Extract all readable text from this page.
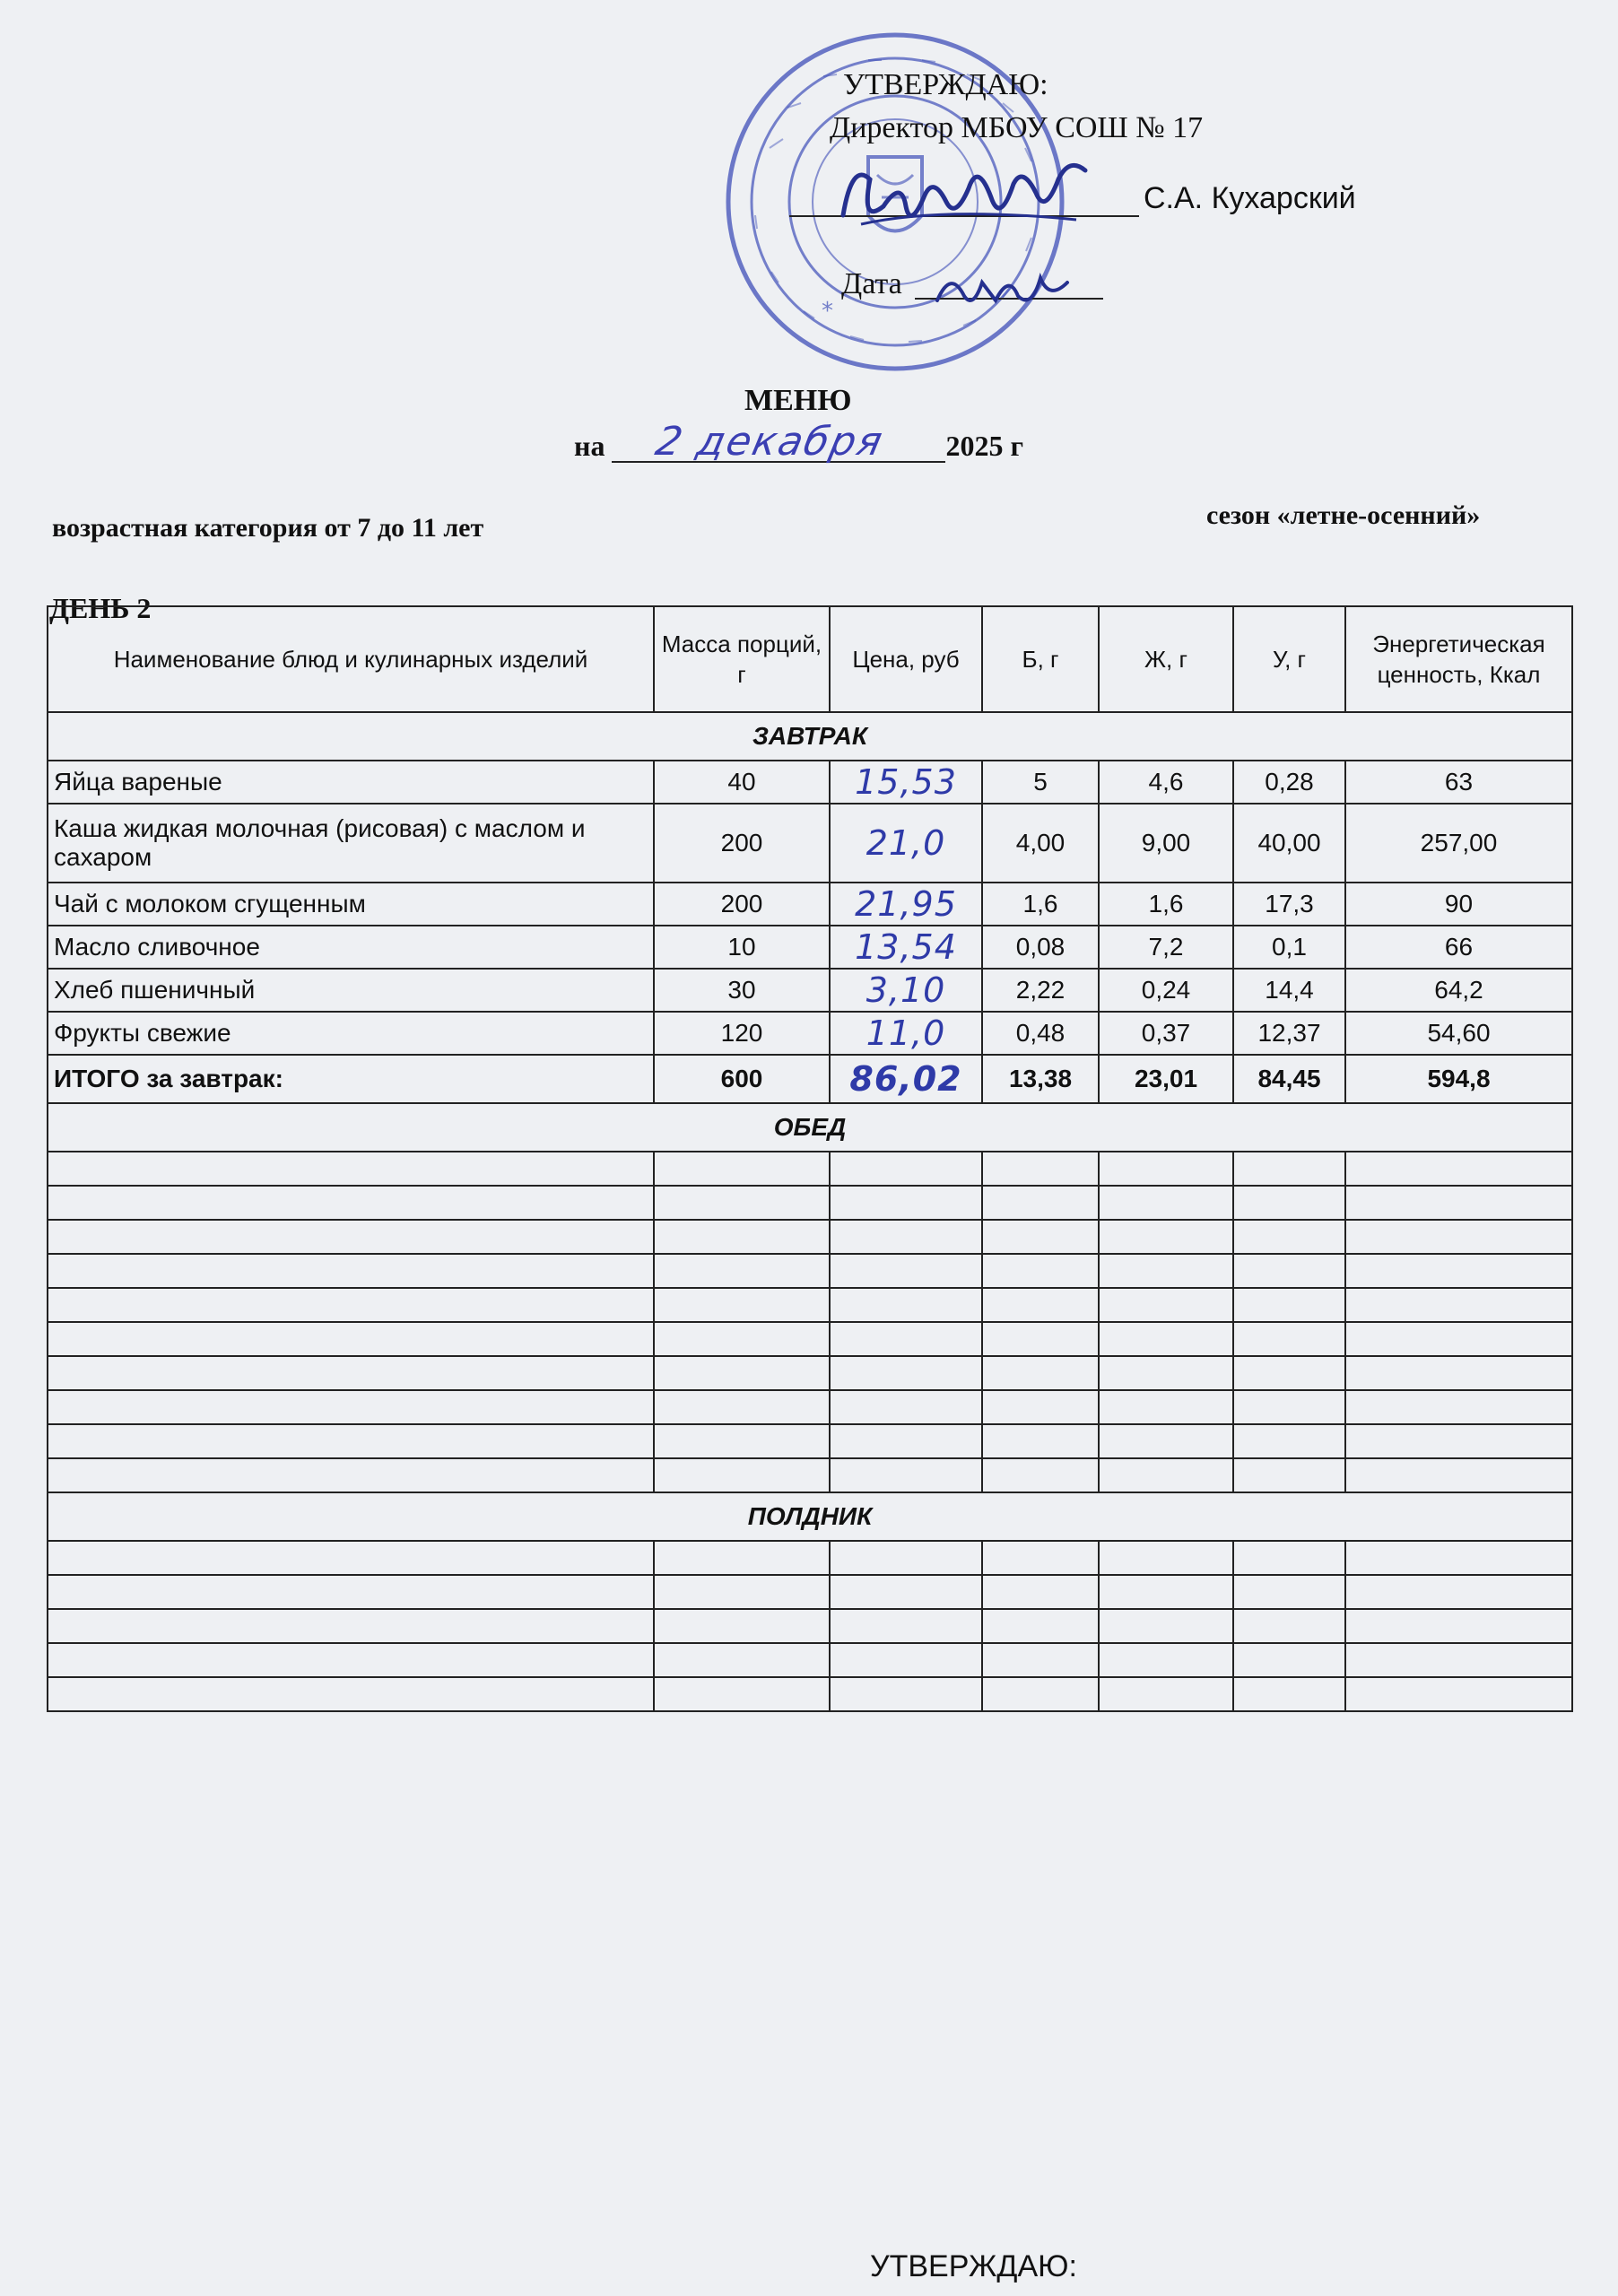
*
УТВЕРЖДАЮ:
Директор МБОУ СОШ № 17
С.А. Кухарский
Дата
МЕНЮ
на 2 декабря 2025 г
возрастная категория от 7 до 11 лет	сезон «летне-осенний»
ДЕНЬ 2
Наименование блюд и кулинарных изделий	Масса порций, г	Цена, руб	Б, г	Ж, г	У, г	Энергетическая ценность, Ккал
ЗАВТРАК						
Яйца вареные	40	15,53	5	4,6	0,28	63
Каша жидкая молочная (рисовая) с маслом и сахаром	200	21,0	4,00	9,00	40,00	257,00
Чай с молоком сгущенным	200	21,95	1,6	1,6	17,3	90
Масло сливочное	10	13,54	0,08	7,2	0,1	66
Хлеб пшеничный	30	3,10	2,22	0,24	14,4	64,2
Фрукты свежие	120	11,0	0,48	0,37	12,37	54,60
ИТОГО за завтрак:	600	86,02	13,38	23,01	84,45	594,8
ОБЕД						

ПОЛДНИК						

УТВЕРЖДАЮ:
